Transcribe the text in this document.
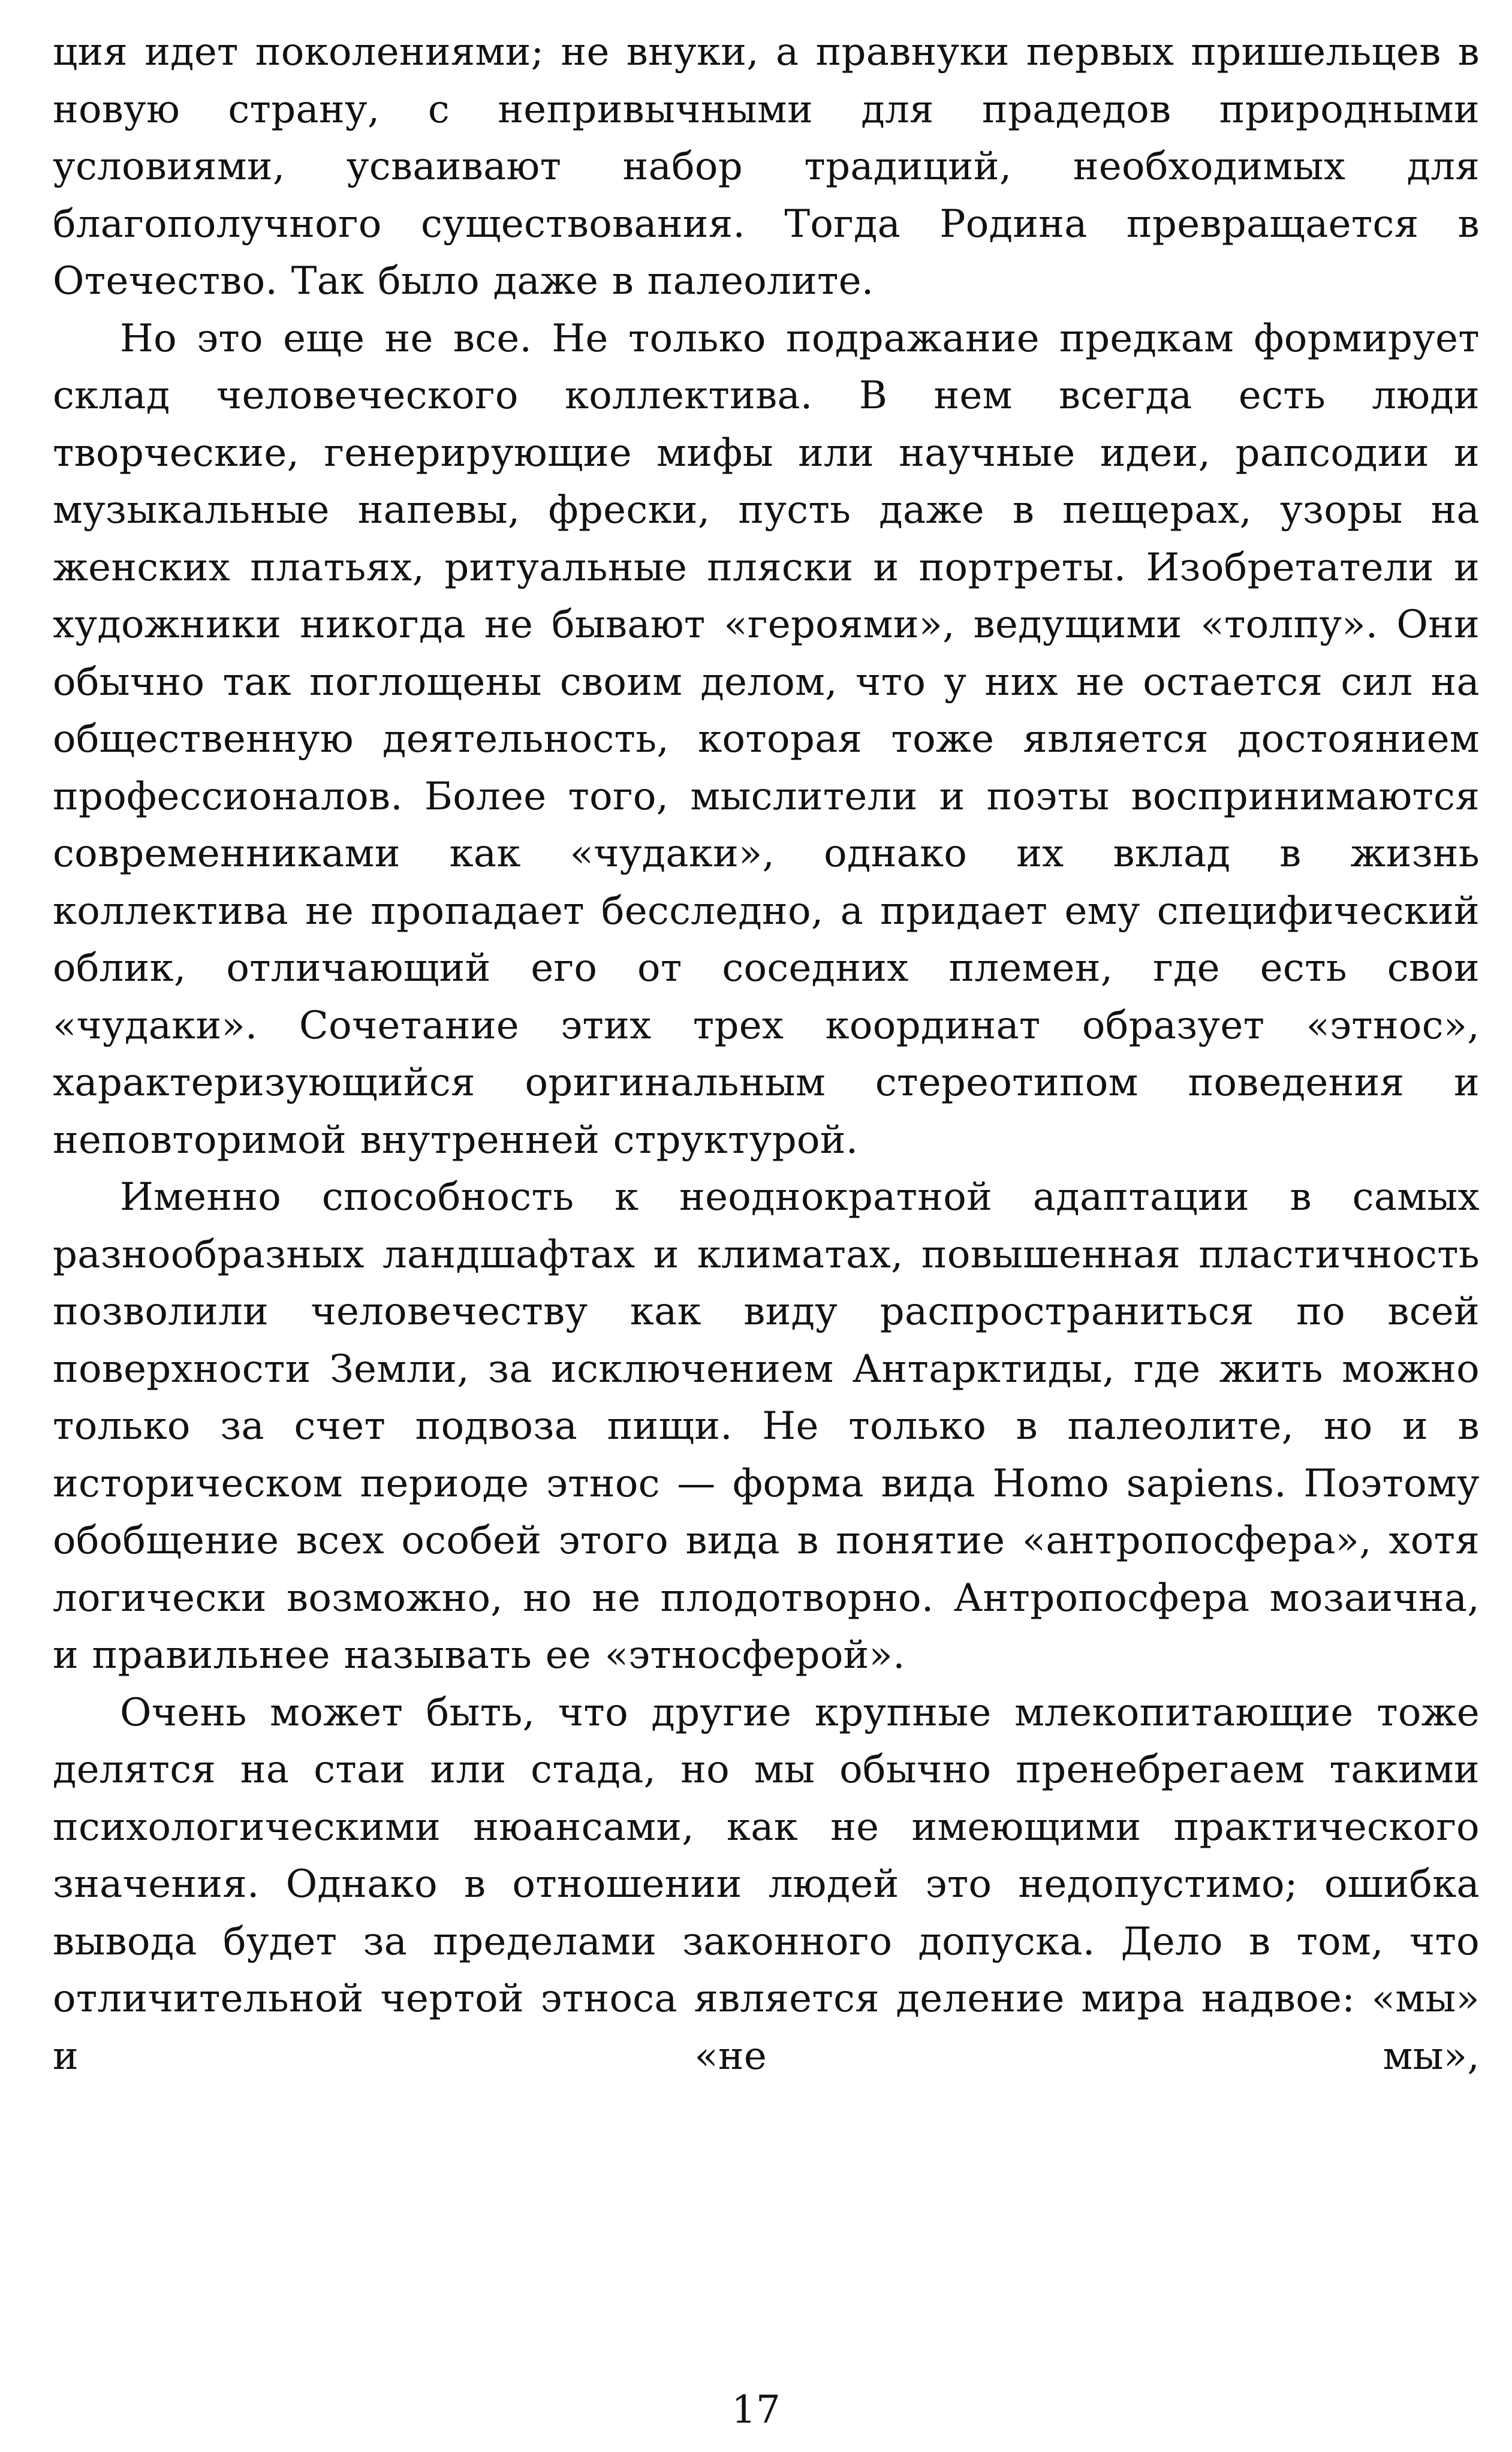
ция идет поколениями; не внуки, а правнуки первых пришельцев в новую страну, с непривычными для прадедов природными условиями, усваивают набор традиций, необходимых для благополучного существования. Тогда Родина превращается в Отечество. Так было даже в палеолите.

Но это еще не все. Не только подражание предкам формирует склад человеческого коллектива. В нем всегда есть люди творческие, генерирующие мифы или научные идеи, рапсодии и музыкальные напевы, фрески, пусть даже в пещерах, узоры на женских платьях, ритуальные пляски и портреты. Изобретатели и художники никогда не бывают «героями», ведущими «толпу». Они обычно так поглощены своим делом, что у них не остается сил на общественную деятельность, которая тоже является достоянием профессионалов. Более того, мыслители и поэты воспринимаются современниками как «чудаки», однако их вклад в жизнь коллектива не пропадает бесследно, а придает ему специфический облик, отличающий его от соседних племен, где есть свои «чудаки». Сочетание этих трех координат образует «этнос», характеризующийся оригинальным стереотипом поведения и неповторимой внутренней структурой.

Именно способность к неоднократной адаптации в самых разнообразных ландшафтах и климатах, повышенная пластичность позволили человечеству как виду распространиться по всей поверхности Земли, за исключением Антарктиды, где жить можно только за счет подвоза пищи. Не только в палеолите, но и в историческом периоде этнос — форма вида Homo sapiens. Поэтому обобщение всех особей этого вида в понятие «антропосфера», хотя логически возможно, но не плодотворно. Антропосфера мозаична, и правильнее называть ее «этносферой».

Очень может быть, что другие крупные млекопитающие тоже делятся на стаи или стада, но мы обычно пренебрегаем такими психологическими нюансами, как не имеющими практического значения. Однако в отношении людей это недопустимо; ошибка вывода будет за пределами законного допуска. Дело в том, что отличительной чертой этноса является деление мира надвое: «мы» и «не мы»,

17
